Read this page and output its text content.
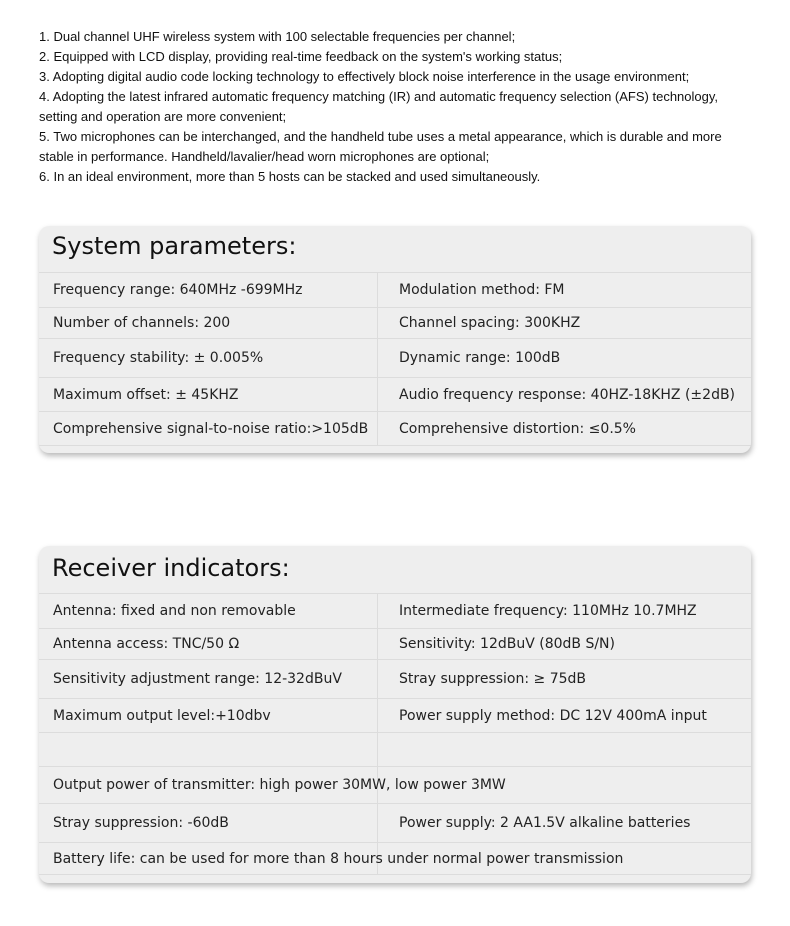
1. Dual channel UHF wireless system with 100 selectable frequencies per channel;

2. Equipped with LCD display, providing real-time feedback on the system's working status;

3. Adopting digital audio code locking technology to effectively block noise interference in the usage environment;

4. Adopting the latest infrared automatic frequency matching (IR) and automatic frequency selection (AFS) technology, setting and operation are more convenient;

5. Two microphones can be interchanged, and the handheld tube uses a metal appearance, which is durable and more stable in performance. Handheld/lavalier/head worn microphones are optional;

6. In an ideal environment, more than 5 hosts can be stacked and used simultaneously.

System parameters:
Frequency range: 640MHz -699MHz	Modulation method: FM
Number of channels: 200	Channel spacing: 300KHZ
Frequency stability: ± 0.005%	Dynamic range: 100dB
Maximum offset: ± 45KHZ	Audio frequency response: 40HZ-18KHZ (±2dB)
Comprehensive signal-to-noise ratio:>105dB	Comprehensive distortion: ≤0.5%
Receiver indicators:
Antenna: fixed and non removable	Intermediate frequency: 110MHz 10.7MHZ
Antenna access: TNC/50 Ω	Sensitivity: 12dBuV (80dB S/N)
Sensitivity adjustment range: 12-32dBuV	Stray suppression: ≥ 75dB
Maximum output level:+10dbv	Power supply method: DC 12V 400mA input
Output power of transmitter: high power 30MW, low power 3MW
Stray suppression: -60dB	Power supply: 2 AA1.5V alkaline batteries
Battery life: can be used for more than 8 hours under normal power transmission
